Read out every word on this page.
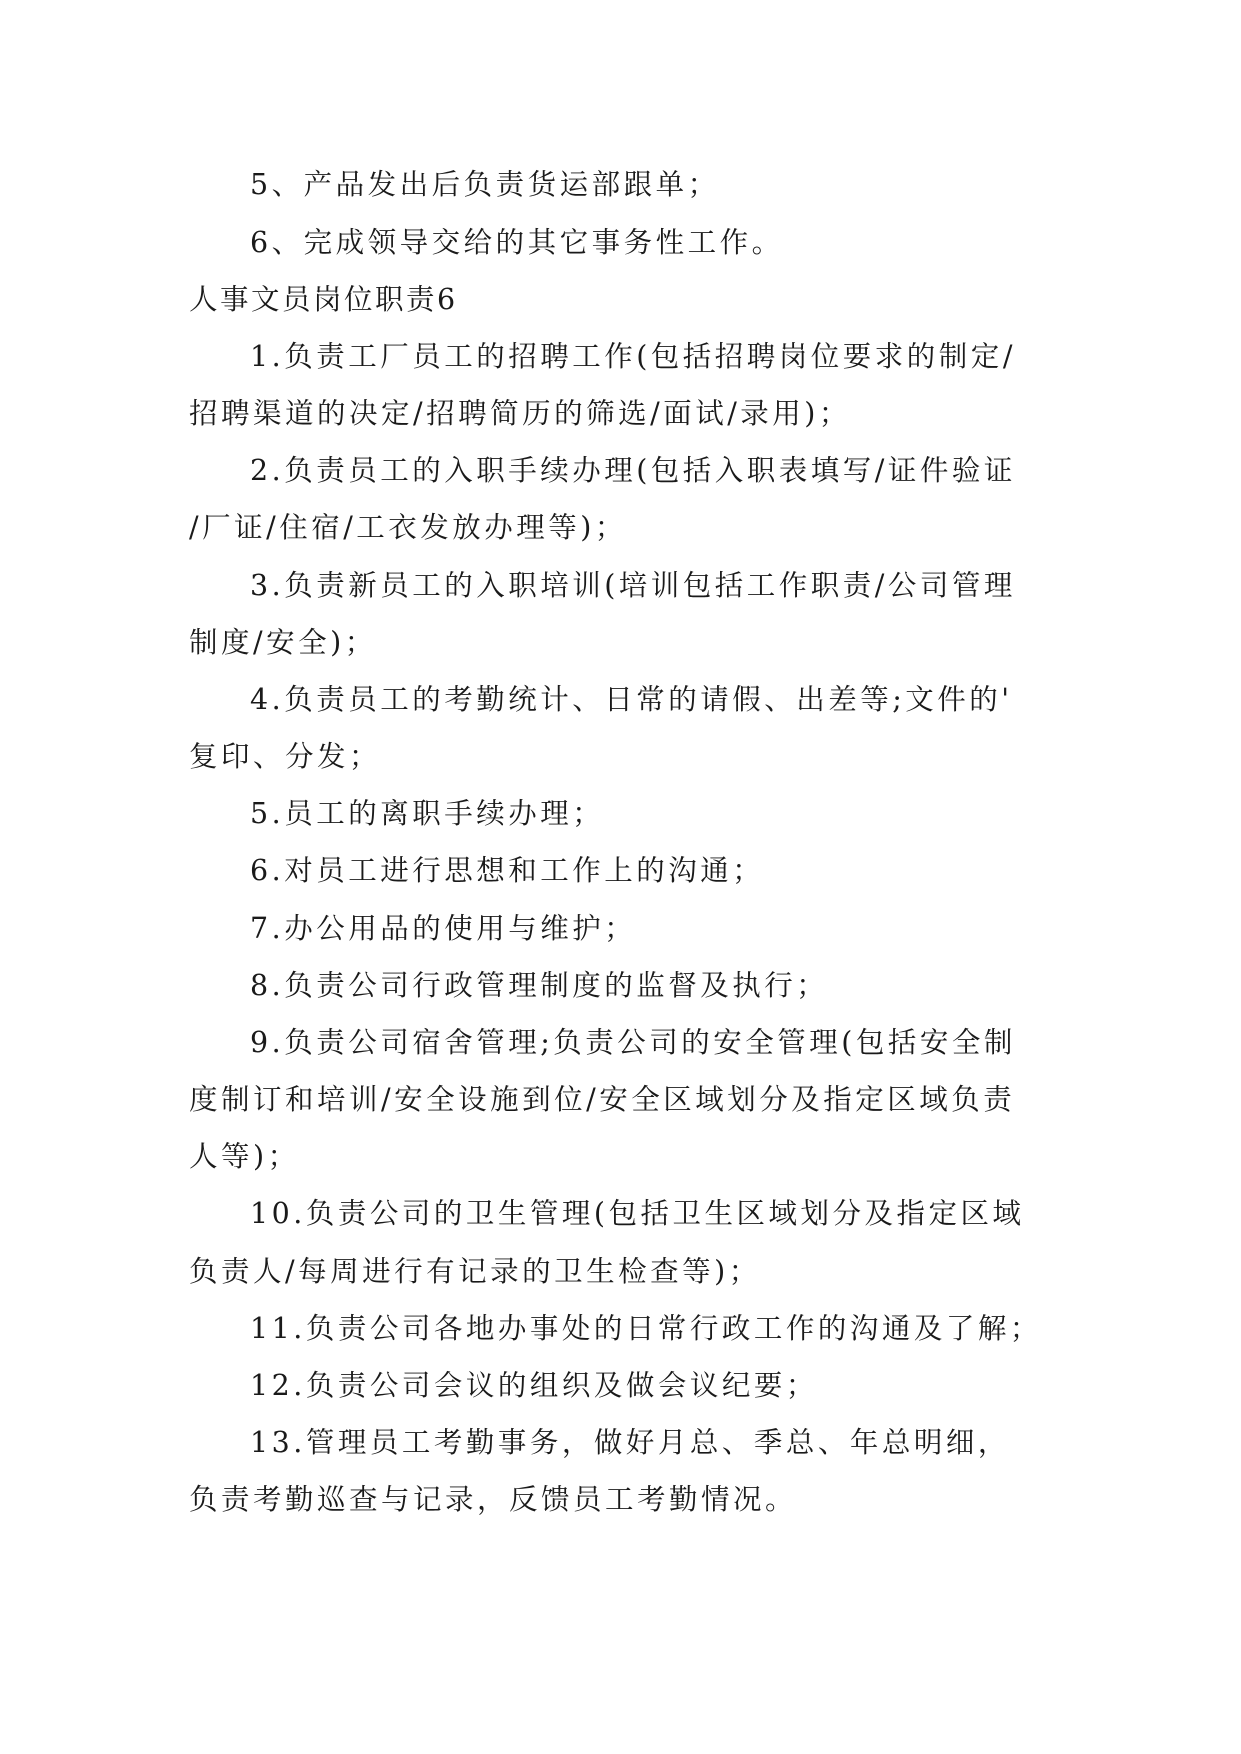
5、产品发出后负责货运部跟单；
6、完成领导交给的其它事务性工作。
人事文员岗位职责6
1.负责工厂员工的招聘工作(包括招聘岗位要求的制定/
招聘渠道的决定/招聘简历的筛选/面试/录用)；
2.负责员工的入职手续办理(包括入职表填写/证件验证
/厂证/住宿/工衣发放办理等)；
3.负责新员工的入职培训(培训包括工作职责/公司管理
制度/安全)；
4.负责员工的考勤统计、日常的请假、出差等;文件的'
复印、分发；
5.员工的离职手续办理；
6.对员工进行思想和工作上的沟通；
7.办公用品的使用与维护；
8.负责公司行政管理制度的监督及执行；
9.负责公司宿舍管理;负责公司的安全管理(包括安全制
度制订和培训/安全设施到位/安全区域划分及指定区域负责
人等)；
10.负责公司的卫生管理(包括卫生区域划分及指定区域
负责人/每周进行有记录的卫生检查等)；
11.负责公司各地办事处的日常行政工作的沟通及了解；
12.负责公司会议的组织及做会议纪要；
13.管理员工考勤事务，做好月总、季总、年总明细，
负责考勤巡查与记录，反馈员工考勤情况。
